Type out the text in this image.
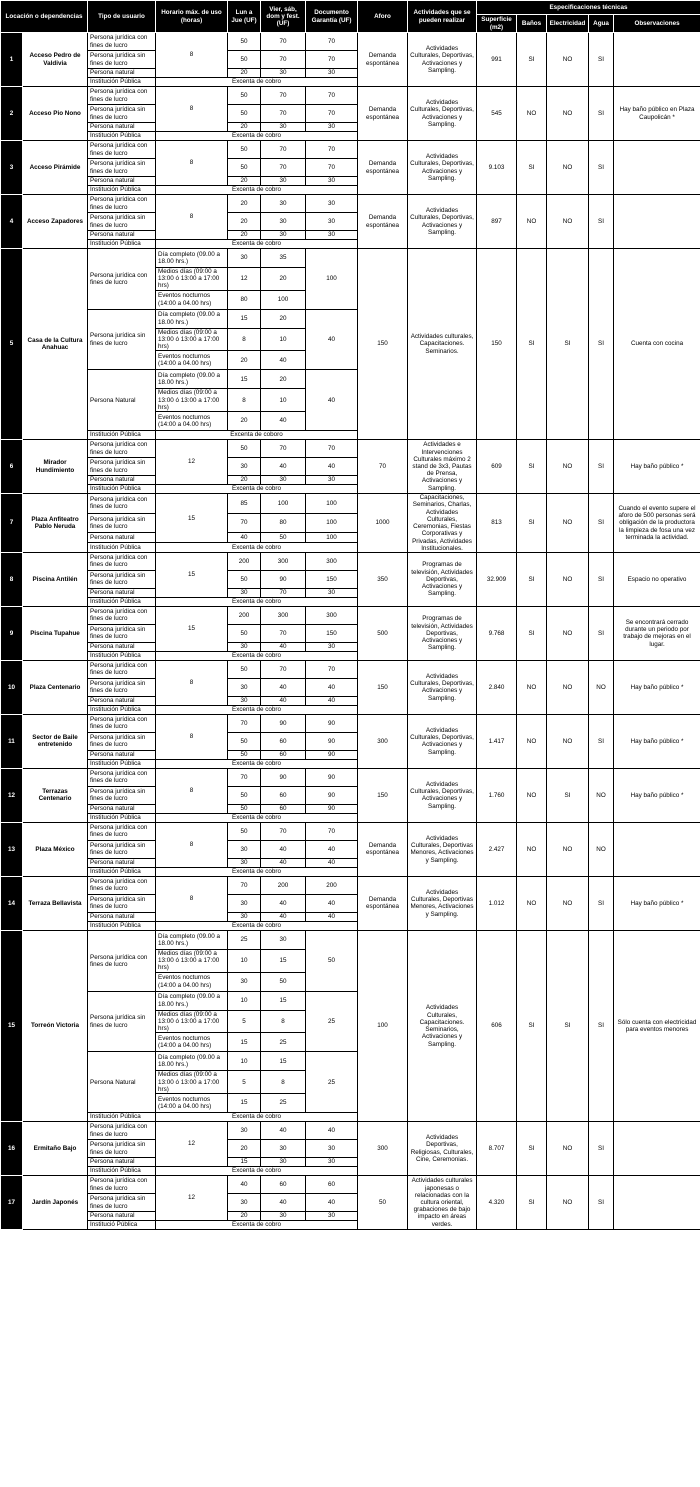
Locación o dependencias		Tipo de usuario	Horario máx. de uso (horas)	Lun a Jue (UF)	Vier, sáb, dom y fest. (UF)	Documento Garantía (UF)	Aforo	Actividades que se pueden realizar	Especificaciones técnicas				
									Superficie (m2)	Baños	Electricidad	Agua	Observaciones
1	Acceso Pedro de Valdivia	Persona jurídica con fines de lucro	8	50	70	70	Demanda espontánea	Actividades Culturales, Deportivas, Activaciones y Sampling.	991	SI	NO	SI	
		Persona jurídica sin fines de lucro		50	70	70							
		Persona natural		20	30	30							
		Institución Pública	Excenta de cobro										
2	Acceso Pio Nono	Persona jurídica con fines de lucro	8	50	70	70	Demanda espontánea	Actividades Culturales, Deportivas, Activaciones y Sampling.	545	NO	NO	SI	Hay baño público en Plaza Caupolicán *
		Persona jurídica sin fines de lucro		50	70	70							
		Persona natural		20	30	30							
		Institución Pública	Excenta de cobro										
3	Acceso Pirámide	Persona jurídica con fines de lucro	8	50	70	70	Demanda espontánea	Actividades Culturales, Deportivas, Activaciones y Sampling.	9.103	SI	NO	SI	
		Persona jurídica sin fines de lucro		50	70	70							
		Persona natural		20	30	30							
		Institución Pública	Excenta de cobro										
4	Acceso Zapadores	Persona jurídica con fines de lucro	8	20	30	30	Demanda espontánea	Actividades Culturales, Deportivas, Activaciones y Sampling.	897	NO	NO	SI	
		Persona jurídica sin fines de lucro		20	30	30							
		Persona natural		20	30	30							
		Institución Pública	Excenta de cobro										
5	Casa de la Cultura Anahuac	Persona jurídica con fines de lucro	Día completo (09.00 a 18.00 hrs.)	30	35	100	150	Actividades culturales, Capacitaciones. Seminarios.	150	SI	SI	SI	Cuenta con cocina
			Medios días (09:00 a 13:00 ó 13:00 a 17:00 hrs)	12	20								
			Eventos nocturnos (14:00 a 04.00 hrs)	80	100								
		Persona jurídica sin fines de lucro	Día completo (09.00 a 18.00 hrs.)	15	20	40							
			Medios días (09:00 a 13:00 ó 13:00 a 17:00 hrs)	8	10								
			Eventos nocturnos (14:00 a 04.00 hrs)	20	40								
		Persona Natural	Día completo (09.00 a 18.00 hrs.)	15	20	40							
			Medios días (09:00 a 13:00 ó 13:00 a 17:00 hrs)	8	10								
			Eventos nocturnos (14:00 a 04.00 hrs)	20	40								
		Institución Pública	Excenta de coboro										
6	Mirador Hundimiento	Persona jurídica con fines de lucro	12	50	70	70	70	Actividades e Intervenciones Culturales máximo 2 stand de 3x3, Pautas de Prensa, Activaciones y Sampling.	609	SI	NO	SI	Hay baño público *
		Persona jurídica sin fines de lucro		30	40	40							
		Persona natural		20	30	30							
		Institución Pública	Excenta de cobro										
7	Plaza Anfiteatro Pablo Neruda	Persona jurídica con fines de lucro	15	85	100	100	1000	Capacitaciones, Seminarios, Charlas, Actividades Culturales, Ceremonias, Fiestas Corporativas y Privadas, Actividades Institucionales.	813	SI	NO	SI	Cuando el evento supere el aforo de 500 personas será obligación de la productora la limpieza de fosa una vez terminada la actividad.
		Persona jurídica sin fines de lucro		70	80	100							
		Persona natural		40	50	100							
		Institución Pública	Excenta de cobro										
8	Piscina Antilén	Persona jurídica con fines de lucro	15	200	300	300	350	Programas de televisión, Actividades Deportivas, Activaciones y Sampling.	32.909	SI	NO	SI	Espacio no operativo
		Persona jurídica sin fines de lucro		50	90	150							
		Persona natural		30	70	30							
		Institución Pública	Excenta de cobro										
9	Piscina Tupahue	Persona jurídica con fines de lucro	15	200	300	300	500	Programas de televisión, Actividades Deportivas, Activaciones y Sampling.	9.768	SI	NO	SI	Se encontrará cerrado durante un periodo por trabajo de mejoras en el lugar.
		Persona jurídica sin fines de lucro		50	70	150							
		Persona natural		30	40	30							
		Institución Pública	Excenta de cobro										
10	Plaza Centenario	Persona jurídica con fines de lucro	8	50	70	70	150	Actividades Culturales, Deportivas, Activaciones y Sampling.	2.840	NO	NO	NO	Hay baño público *
		Persona jurídica sin fines de lucro		30	40	40							
		Persona natural		30	40	40							
		Institución Pública	Excenta de cobro										
11	Sector de Baile entretenido	Persona jurídica con fines de lucro	8	70	90	90	300	Actividades Culturales, Deportivas, Activaciones y Sampling.	1.417	NO	NO	SI	Hay baño público *
		Persona jurídica sin fines de lucro		50	60	90							
		Persona natural		50	60	90							
		Institución Pública	Excenta de cobro										
12	Terrazas Centenario	Persona jurídica con fines de lucro	8	70	90	90	150	Actividades Culturales, Deportivas, Activaciones y Sampling.	1.760	NO	SI	NO	Hay baño público *
		Persona jurídica sin fines de lucro		50	60	90							
		Persona natural		50	60	90							
		Institución Pública	Excenta de cobro										
13	Plaza México	Persona jurídica con fines de lucro	8	50	70	70	Demanda espontánea	Actividades Culturales, Deportivas Menores, Activaciones y Sampling.	2.427	NO	NO	NO	
		Persona jurídica sin fines de lucro		30	40	40							
		Persona natural		30	40	40							
		Institución Pública	Excenta de cobro										
14	Terraza Bellavista	Persona jurídica con fines de lucro	8	70	200	200	Demanda espontánea	Actividades Culturales, Deportivas Menores, Activaciones y Sampling.	1.012	NO	NO	SI	Hay baño público *
		Persona jurídica sin fines de lucro		30	40	40							
		Persona natural		30	40	40							
		Institución Pública	Excenta de cobro										
15	Torreón Victoria	Persona jurídica con fines de lucro	Día completo (09.00 a 18.00 hrs.)	25	30	50	100	Actividades Culturales, Capacitaciones. Seminarios, Activaciones y Sampling.	606	SI	SI	SI	Sólo cuenta con electricidad para eventos menores
			Medios días (09:00 a 13:00 ó 13:00 a 17:00 hrs)	10	15								
			Eventos nocturnos (14:00 a 04.00 hrs)	30	50								
		Persona jurídica sin fines de lucro	Día completo (09.00 a 18.00 hrs.)	10	15	25							
			Medios días (09:00 a 13:00 ó 13:00 a 17:00 hrs)	5	8								
			Eventos nocturnos (14:00 a 04.00 hrs)	15	25								
		Persona Natural	Día completo (09.00 a 18.00 hrs.)	10	15	25							
			Medios días (09:00 a 13:00 ó 13:00 a 17:00 hrs)	5	8								
			Eventos nocturnos (14:00 a 04.00 hrs)	15	25								
		Institución Pública	Excenta de cobro										
16	Ermitaño Bajo	Persona jurídica con fines de lucro	12	30	40	40	300	Actividades Deportivas, Religiosas, Culturales, Cine, Ceremonias.	8.707	SI	NO	SI	
		Persona jurídica sin fines de lucro		20	30	30							
		Persona natural		15	30	30							
		Institución Pública	Excenta de cobro										
17	Jardín Japonés	Persona jurídica con fines de lucro	12	40	60	60	50	Actividades culturales japonesas o relacionadas con la cultura oriental, grabaciones de bajo impacto en áreas verdes.	4.320	SI	NO	SI	
		Persona jurídica sin fines de lucro		30	40	40							
		Persona natural		20	30	30							
		Instituciό Pública	Excenta de cobro										
